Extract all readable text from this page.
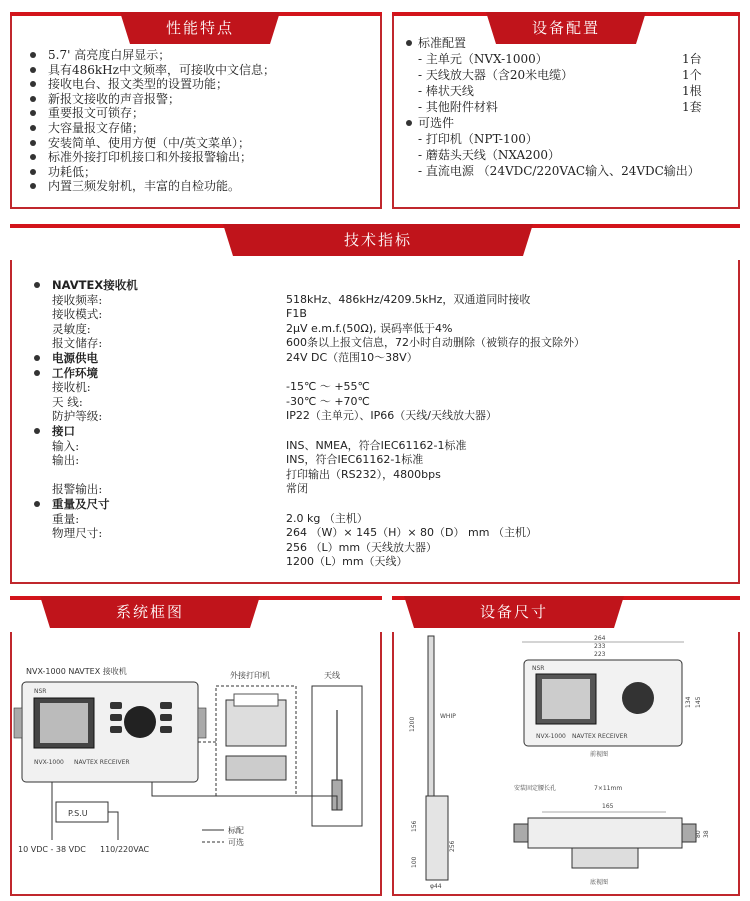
性能特点
5.7' 高亮度白屏显示；
具有486kHz中文频率，可接收中文信息；
接收电台、报文类型的设置功能；
新报文接收的声音报警；
重要报文可锁存；
大容量报文存储；
安装简单、使用方便（中/英文菜单）；
标准外接打印机接口和外接报警输出；
功耗低；
内置三频发射机，丰富的自检功能。
设备配置
标准配置
- 主单元（NVX-1000）	1台
- 天线放大器（含20米电缆）	1个
- 棒状天线	1根
- 其他附件材料	1套
可选件
- 打印机（NPT-100）
- 蘑菇头天线（NXA200）
- 直流电源 （24VDC/220VAC输入、24VDC输出）
技术指标
NAVTEX接收机
接收频率:	518kHz、486kHz/4209.5kHz，双通道同时接收
接收模式:	F1B
灵敏度:	2μV e.m.f.(50Ω), 误码率低于4%
报文储存:	600条以上报文信息，72小时自动删除（被锁存的报文除外）
电源供电	24V DC（范围10～38V）
工作环境
接收机:	-15℃ ～ +55℃
天 线:	-30℃ ～ +70℃
防护等级:	IP22（主单元）、IP66（天线/天线放大器）
接口
输入:	INS、NMEA，符合IEC61162-1标准
输出:	INS，符合IEC61162-1标准
打印输出（RS232），4800bps
报警输出:	常闭
重量及尺寸
重量:	2.0 kg （主机）
物理尺寸:	264 （W）× 145（H）× 80（D） mm （主机）
256 （L）mm（天线放大器）
1200（L）mm（天线）
系统框图
NVX-1000 NAVTEX 接收机
NSR
NVX-1000 NAVTEX RECEIVER
外接打印机	天线
P.S.U
10 VDC - 38 VDC 110/220VAC
标配
可选
设备尺寸
WHIP
1200
156
256
100
φ44
264
233
223
NSR
NVX-1000 NAVTEX RECEIVER
134 145
前视图
安装固定腰长孔	7×11mm
165
80 38
底视图
